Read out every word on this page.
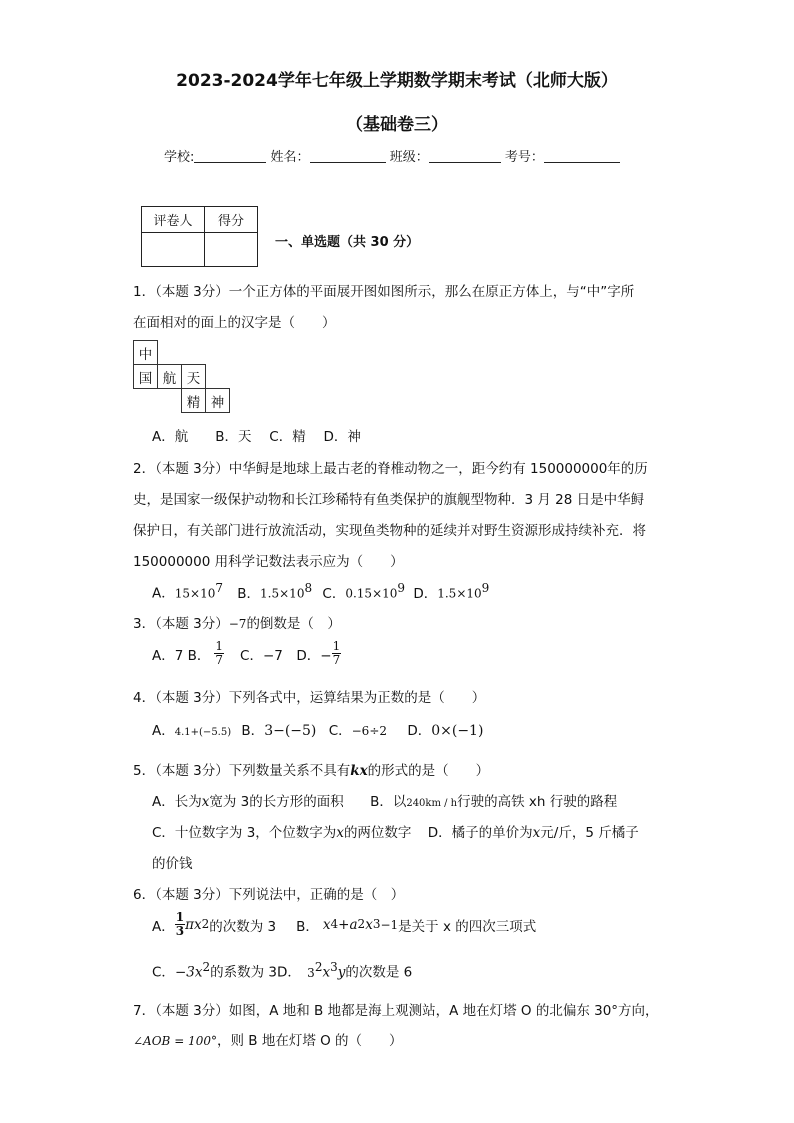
2023-2024学年七年级上学期数学期末考试（北师大版）
（基础卷三）
学校:	姓名：	班级：	考号：
评卷人	得分

一、单选题（共 30 分）
1．（本题 3分）一个正方体的平面展开图如图所示，那么在原正方体上，与“中”字所
在面相对的面上的汉字是（　　）
中			
国	航	天	
		精	神
A．航　　B．天　 C．精　 D．神
2．（本题 3分）中华鲟是地球上最古老的脊椎动物之一，距今约有 150000000年的历
史，是国家一级保护动物和长江珍稀特有鱼类保护的旗舰型物种．3 月 28 日是中华鲟
保护日，有关部门进行放流活动，实现鱼类物种的延续并对野生资源形成持续补充．将
150000000 用科学记数法表示应为（　　）
A．$15\times 10^7$ B．$1.5\times 10^8$ C．$0.15\times 10^9$ D．$1.5\times 10^9$
3．（本题 3分）−7的倒数是（　）
A．7 B． $\frac{1}{7}$ C．−7　D．− $\frac{1}{7}$
4．（本题 3分）下列各式中，运算结果为正数的是（　　）
A．4.1+(−5.5) B．3−(−5) C．−6÷2 D．0×(−1)
5．（本题 3分）下列数量关系不具有kx的形式的是（　　）
A．长为x宽为 3的长方形的面积 B．以240km / h行驶的高铁 xh 行驶的路程
C．十位数字为 3，个位数字为x的两位数字 D．橘子的单价为x元/斤，5 斤橘子
的价钱
6．（本题 3分）下列说法中，正确的是（　）
A． $\frac{1}{3}$ πx 2 的次数为 3 B． x 4 +a 2 x 3 −1 是关于 x 的四次三项式
C．$-3x^2$的系数为 3D． $3^2x^3y$的次数是 6
7．（本题 3分）如图，A 地和 B 地都是海上观测站，A 地在灯塔 O 的北偏东 30°方向，
∠AOB = 100°，则 B 地在灯塔 O 的（　　）
